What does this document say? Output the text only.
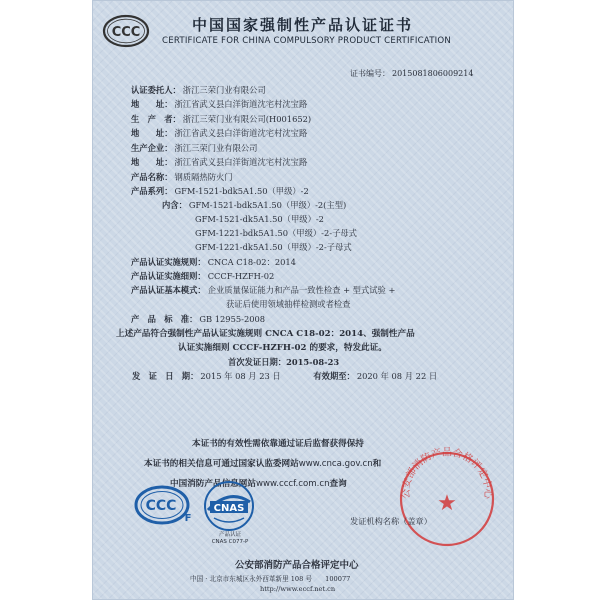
CCC	中国国家强制性产品认证证书
CERTIFICATE FOR CHINA COMPULSORY PRODUCT CERTIFICATION
证书编号： 2015081806009214
认证委托人： 浙江三荣门业有限公司
地　　址： 浙江省武义县白洋街道沈宅村沈宝路
生　产　者： 浙江三荣门业有限公司(H001652)
地　　址： 浙江省武义县白洋街道沈宅村沈宝路
生产企业： 浙江三荣门业有限公司
地　　址： 浙江省武义县白洋街道沈宅村沈宝路
产品名称： 钢质隔热防火门
产品系列： GFM-1521-bdk5A1.50（甲级）-2
内含： GFM-1521-bdk5A1.50（甲级）-2(主型)
GFM-1521-dk5A1.50（甲级）-2
GFM-1221-bdk5A1.50（甲级）-2-子母式
GFM-1221-dk5A1.50（甲级）-2-子母式
产品认证实施规则： CNCA C18-02：2014
产品认证实施细则： CCCF-HZFH-02
产品认证基本模式： 企业质量保证能力和产品一致性检查 + 型式试验 +
获证后使用领域抽样检测或者检查
产　品　标　准： GB 12955-2008
上述产品符合强制性产品认证实施规则 CNCA C18-02：2014、强制性产品
认证实施细则 CCCF-HZFH-02 的要求，特发此证。
首次发证日期：2015-08-23
发　证　日　期： 2015 年 08 月 23 日	有效期至： 2020 年 08 月 22 日
本证书的有效性需依靠通过证后监督获得保持
本证书的相关信息可通过国家认监委网站www.cnca.gov.cn和
中国消防产品信息网站www.cccf.com.cn查询
CCC
F
CNAS
产品认证
CNAS C077-P
公安部消防产品合格评定中心
★
发证机构名称（盖章）
公安部消防产品合格评定中心
中国 · 北京市东城区永外西革新里 108 号　　100077
http://www.eccf.net.cn
